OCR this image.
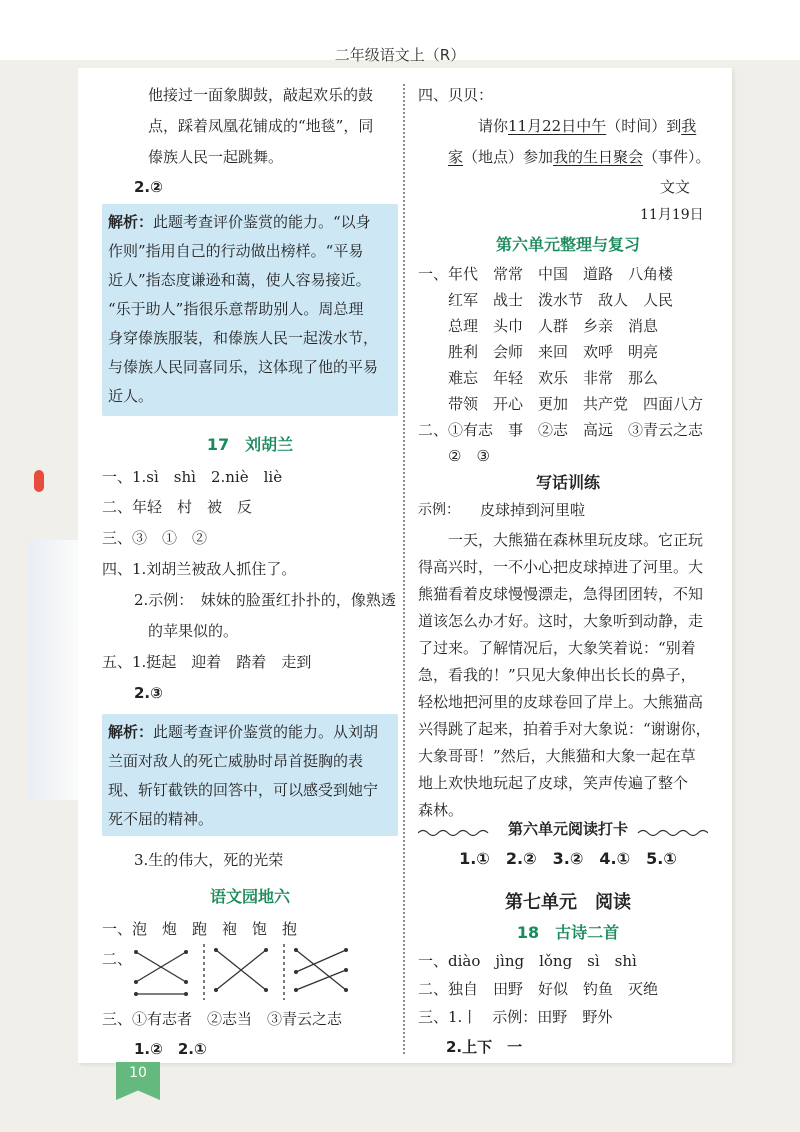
二年级语文上（R）
他接过一面象脚鼓，敲起欢乐的鼓
点，踩着凤凰花铺成的“地毯”，同
傣族人民一起跳舞。
2.②
解析：此题考查评价鉴赏的能力。“以身
作则”指用自己的行动做出榜样。“平易
近人”指态度谦逊和蔼，使人容易接近。
“乐于助人”指很乐意帮助别人。周总理
身穿傣族服装，和傣族人民一起泼水节，
与傣族人民同喜同乐，这体现了他的平易
近人。
17　刘胡兰
一、1.sì　shì　2.niè　liè
二、年轻　村　被　反
三、③　①　②
四、1.刘胡兰被敌人抓住了。
2.示例：　妹妹的脸蛋红扑扑的，像熟透
的苹果似的。
五、1.挺起　迎着　踏着　走到
2.③
解析：此题考查评价鉴赏的能力。从刘胡
兰面对敌人的死亡威胁时昂首挺胸的表
现、斩钉截铁的回答中，可以感受到她宁
死不屈的精神。
3.生的伟大，死的光荣
语文园地六
一、泡　炮　跑　袍　饱　抱
二、
三、①有志者　②志当　③青云之志
1.②　2.①
四、贝贝：
请你11月22日中午（时间）到我
家（地点）参加我的生日聚会（事件）。
文文
11月19日
第六单元整理与复习
一、年代　常常　中国　道路　八角楼
红军　战士　泼水节　敌人　人民
总理　头巾　人群　乡亲　消息
胜利　会师　来回　欢呼　明亮
难忘　年轻　欢乐　非常　那么
带领　开心　更加　共产党　四面八方
二、①有志　事　②志　高远　③青云之志
②　③
写话训练
示例： 皮球掉到河里啦
一天，大熊猫在森林里玩皮球。它正玩
得高兴时，一不小心把皮球掉进了河里。大
熊猫看着皮球慢慢漂走，急得团团转，不知
道该怎么办才好。这时，大象听到动静，走
了过来。了解情况后，大象笑着说：“别着
急，看我的！”只见大象伸出长长的鼻子，
轻松地把河里的皮球卷回了岸上。大熊猫高
兴得跳了起来，拍着手对大象说：“谢谢你，
大象哥哥！”然后，大熊猫和大象一起在草
地上欢快地玩起了皮球，笑声传遍了整个
森林。
第六单元阅读打卡
1.①　2.②　3.②　4.①　5.①
第七单元　阅读
18　古诗二首
一、diào　jìng　lǒng　sì　shì
二、独自　田野　好似　钓鱼　灭绝
三、1.丨　示例：田野　野外
2.上下　一
10
